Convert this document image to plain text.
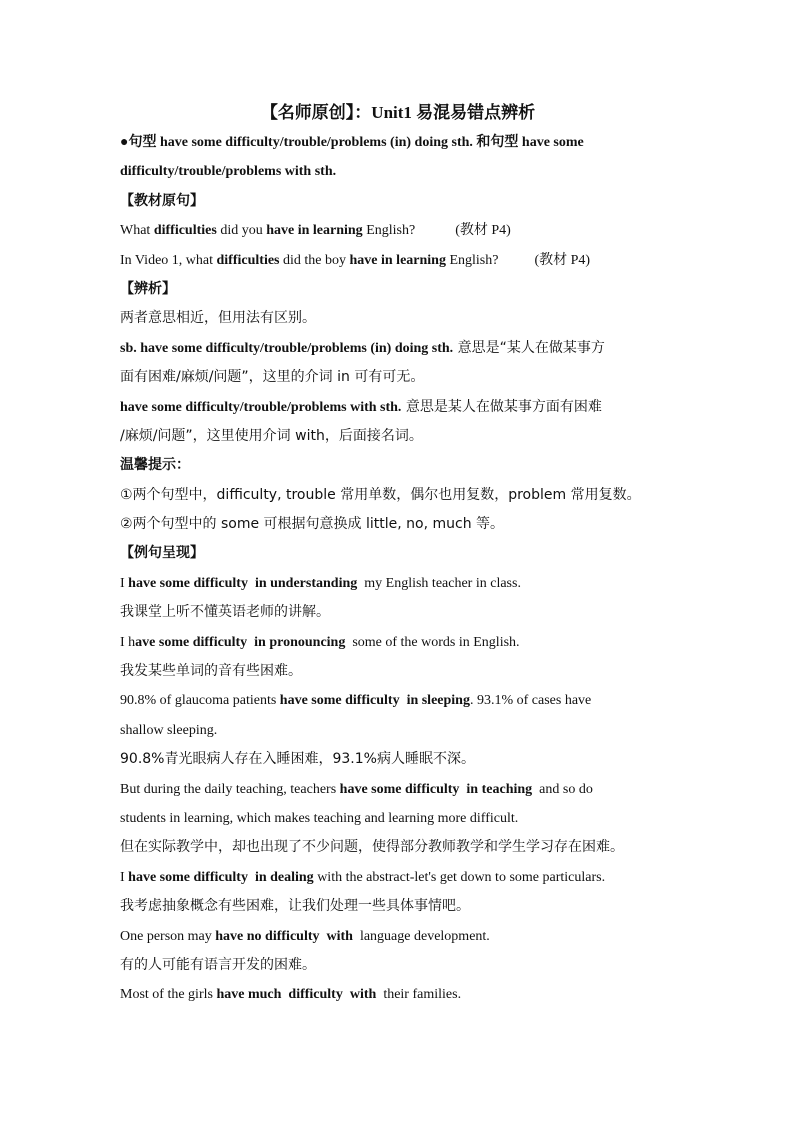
【名师原创】：Unit1 易混易错点辨析
●句型 have some difficulty/trouble/problems (in) doing sth. 和句型 have some
difficulty/trouble/problems with sth.
【教材原句】
What difficulties did you have in learning English?	(教材 P4)
In Video 1, what difficulties did the boy have in learning English?	(教材 P4)
【辨析】
两者意思相近，但用法有区别。
sb. have some difficulty/trouble/problems (in) doing sth. 意思是“某人在做某事方
面有困难/麻烦/问题”，这里的介词 in 可有可无。
have some difficulty/trouble/problems with sth. 意思是某人在做某事方面有困难
/麻烦/问题”，这里使用介词 with，后面接名词。
温馨提示：
①两个句型中，difficulty, trouble 常用单数，偶尔也用复数，problem 常用复数。
②两个句型中的 some 可根据句意换成 little, no, much 等。
【例句呈现】
I have some difficulty in understanding my English teacher in class.
我课堂上听不懂英语老师的讲解。
I have some difficulty in pronouncing some of the words in English.
我发某些单词的音有些困难。
90.8% of glaucoma patients have some difficulty in sleeping. 93.1% of cases have
shallow sleeping.
90.8%青光眼病人存在入睡困难，93.1%病人睡眠不深。
But during the daily teaching, teachers have some difficulty in teaching and so do
students in learning, which makes teaching and learning more difficult.
但在实际教学中，却也出现了不少问题，使得部分教师教学和学生学习存在困难。
I have some difficulty in dealing with the abstract-let's get down to some particulars.
我考虑抽象概念有些困难，让我们处理一些具体事情吧。
One person may have no difficulty with language development.
有的人可能有语言开发的困难。
Most of the girls have much difficulty with their families.
